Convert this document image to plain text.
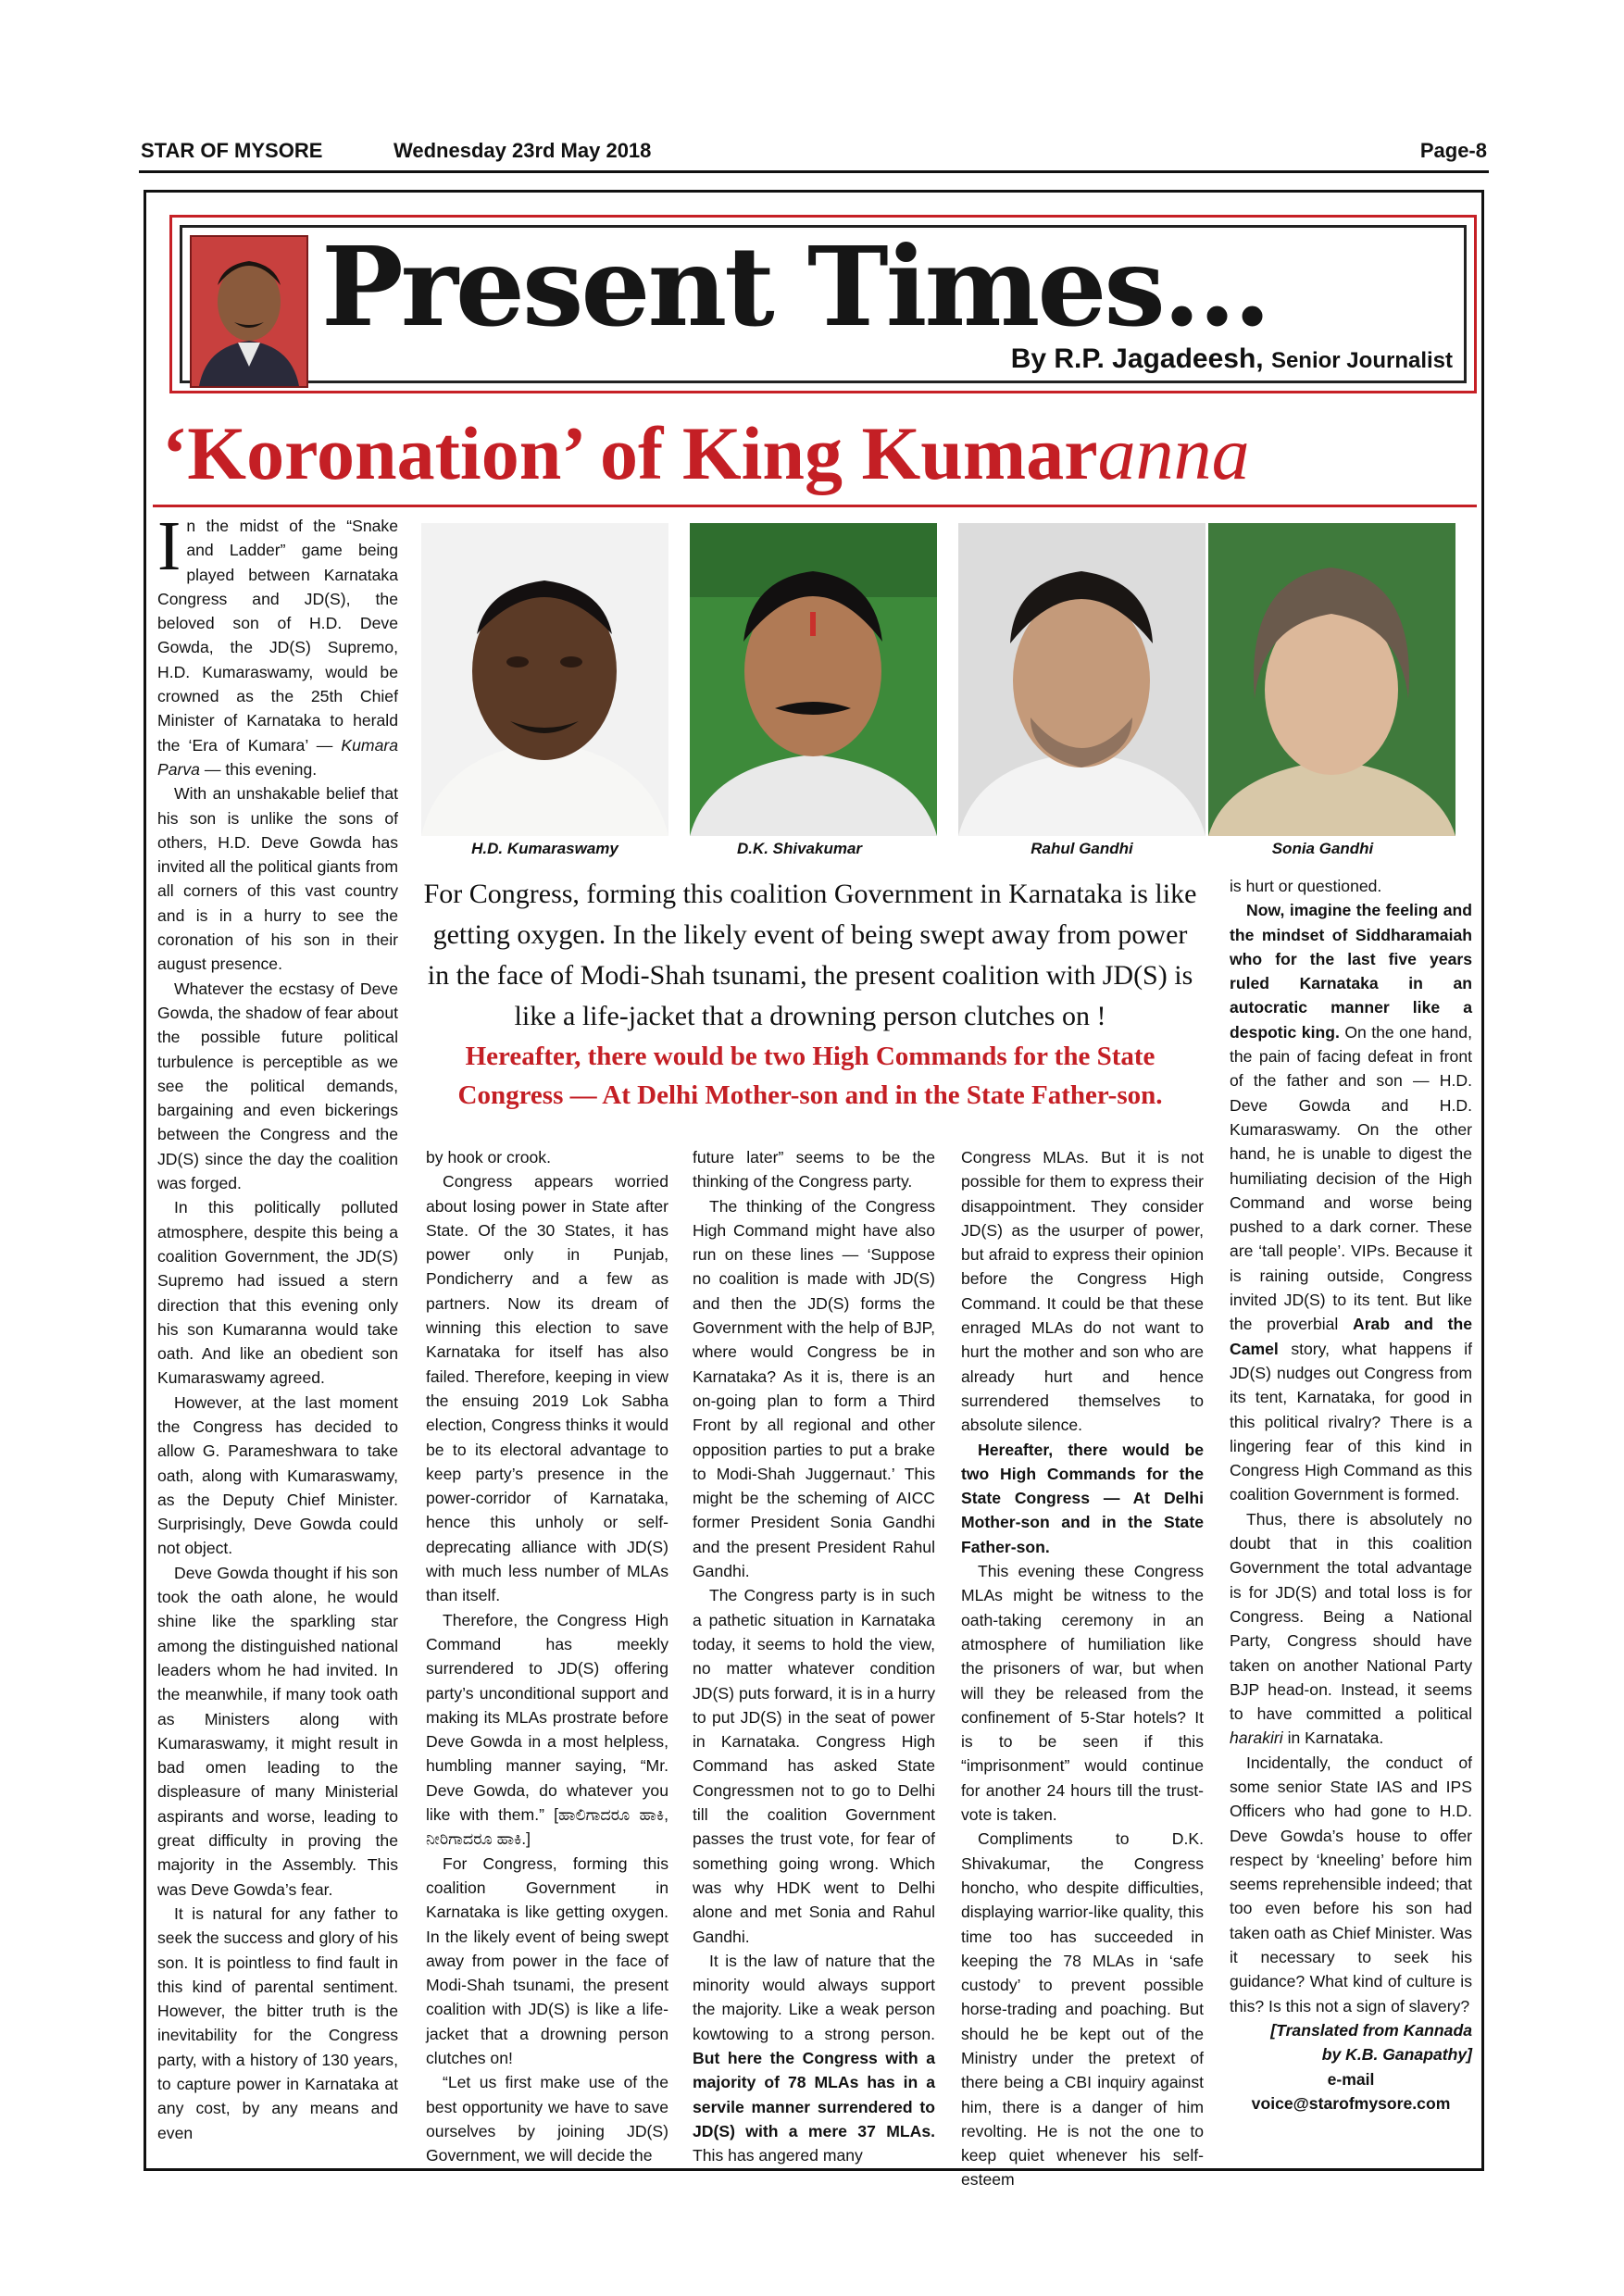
STAR OF MYSORE	Wednesday 23rd May 2018	Page-8
Present Times...
By R.P. Jagadeesh, Senior Journalist
‘Koronation’ of King Kumaranna
H.D. Kumaraswamy	D.K. Shivakumar	Rahul Gandhi	Sonia Gandhi
For Congress, forming this coalition Government in Karnataka is like getting oxygen. In the likely event of being swept away from power in the face of Modi-Shah tsunami, the present coalition with JD(S) is like a life-jacket that a drowning person clutches on !
Hereafter, there would be two High Commands for the State Congress — At Delhi Mother-son and in the State Father-son.

In the midst of the “Snake and Ladder” game being played between Karnataka Congress and JD(S), the beloved son of H.D. Deve Gowda, the JD(S) Supremo, H.D. Kumaraswamy, would be crowned as the 25th Chief Minister of Karnataka to herald the ‘Era of Kumara’ — Kumara Parva — this evening.

With an unshakable belief that his son is unlike the sons of others, H.D. Deve Gowda has invited all the political giants from all corners of this vast country and is in a hurry to see the coronation of his son in their august presence.

Whatever the ecstasy of Deve Gowda, the shadow of fear about the possible future political turbulence is perceptible as we see the political demands, bargaining and even bickerings between the Congress and the JD(S) since the day the coalition was forged.

In this politically polluted atmosphere, despite this being a coalition Government, the JD(S) Supremo had issued a stern direction that this evening only his son Kumaranna would take oath. And like an obedient son Kumaraswamy agreed.

However, at the last moment the Congress has decided to allow G. Parameshwara to take oath, along with Kumaraswamy, as the Deputy Chief Minister. Surprisingly, Deve Gowda could not object.

Deve Gowda thought if his son took the oath alone, he would shine like the sparkling star among the distinguished national leaders whom he had invited. In the meanwhile, if many took oath as Ministers along with Kumaraswamy, it might result in bad omen leading to the displeasure of many Ministerial aspirants and worse, leading to great difficulty in proving the majority in the Assembly. This was Deve Gowda’s fear.

It is natural for any father to seek the success and glory of his son. It is pointless to find fault in this kind of parental sentiment. However, the bitter truth is the inevitability for the Congress party, with a history of 130 years, to capture power in Karnataka at any cost, by any means and even

by hook or crook.

Congress appears worried about losing power in State after State. Of the 30 States, it has power only in Punjab, Pondicherry and a few as partners. Now its dream of winning this election to save Karnataka for itself has also failed. Therefore, keeping in view the ensuing 2019 Lok Sabha election, Congress thinks it would be to its electoral advantage to keep party’s presence in the power-corridor of Karnataka, hence this unholy or self-deprecating alliance with JD(S) with much less number of MLAs than itself.

Therefore, the Congress High Command has meekly surrendered to JD(S) offering party’s unconditional support and making its MLAs prostrate before Deve Gowda in a most helpless, humbling manner saying, “Mr. Deve Gowda, do whatever you like with them.” [ಹಾಲಿಗಾದರೂ ಹಾಕಿ, ನೀರಿಗಾದರೂ ಹಾಕಿ.]

For Congress, forming this coalition Government in Karnataka is like getting oxygen. In the likely event of being swept away from power in the face of Modi-Shah tsunami, the present coalition with JD(S) is like a life-jacket that a drowning person clutches on!

“Let us first make use of the best opportunity we have to save ourselves by joining JD(S) Government, we will decide the

future later” seems to be the thinking of the Congress party.

The thinking of the Congress High Command might have also run on these lines — ‘Suppose no coalition is made with JD(S) and then the JD(S) forms the Government with the help of BJP, where would Congress be in Karnataka? As it is, there is an on-going plan to form a Third Front by all regional and other opposition parties to put a brake to Modi-Shah Juggernaut.’ This might be the scheming of AICC former President Sonia Gandhi and the present President Rahul Gandhi.

The Congress party is in such a pathetic situation in Karnataka today, it seems to hold the view, no matter whatever condition JD(S) puts forward, it is in a hurry to put JD(S) in the seat of power in Karnataka. Congress High Command has asked State Congressmen not to go to Delhi till the coalition Government passes the trust vote, for fear of something going wrong. Which was why HDK went to Delhi alone and met Sonia and Rahul Gandhi.

It is the law of nature that the minority would always support the majority. Like a weak person kowtowing to a strong person. But here the Congress with a majority of 78 MLAs has in a servile manner surrendered to JD(S) with a mere 37 MLAs. This has angered many

Congress MLAs. But it is not possible for them to express their disappointment. They consider JD(S) as the usurper of power, but afraid to express their opinion before the Congress High Command. It could be that these enraged MLAs do not want to hurt the mother and son who are already hurt and hence surrendered themselves to absolute silence.

Hereafter, there would be two High Commands for the State Congress — At Delhi Mother-son and in the State Father-son.

This evening these Congress MLAs might be witness to the oath-taking ceremony in an atmosphere of humiliation like the prisoners of war, but when will they be released from the confinement of 5-Star hotels? It is to be seen if this “imprisonment” would continue for another 24 hours till the trust-vote is taken.

Compliments to D.K. Shivakumar, the Congress honcho, who despite difficulties, displaying warrior-like quality, this time too has succeeded in keeping the 78 MLAs in ‘safe custody’ to prevent possible horse-trading and poaching. But should he be kept out of the Ministry under the pretext of there being a CBI inquiry against him, there is a danger of him revolting. He is not the one to keep quiet whenever his self-esteem

is hurt or questioned.

Now, imagine the feeling and the mindset of Siddharamaiah who for the last five years ruled Karnataka in an autocratic manner like a despotic king. On the one hand, the pain of facing defeat in front of the father and son — H.D. Deve Gowda and H.D. Kumaraswamy. On the other hand, he is unable to digest the humiliating decision of the High Command and worse being pushed to a dark corner. These are ‘tall people’. VIPs. Because it is raining outside, Congress invited JD(S) to its tent. But like the proverbial Arab and the Camel story, what happens if JD(S) nudges out Congress from its tent, Karnataka, for good in this political rivalry? There is a lingering fear of this kind in Congress High Command as this coalition Government is formed.

Thus, there is absolutely no doubt that in this coalition Government the total advantage is for JD(S) and total loss is for Congress. Being a National Party, Congress should have taken on another National Party BJP head-on. Instead, it seems to have committed a political harakiri in Karnataka.

Incidentally, the conduct of some senior State IAS and IPS Officers who had gone to H.D. Deve Gowda’s house to offer respect by ‘kneeling’ before him seems reprehensible indeed; that too even before his son had taken oath as Chief Minister. Was it necessary to seek his guidance? What kind of culture is this? Is this not a sign of slavery?

[Translated from Kannada
by K.B. Ganapathy]
e-mail
voice@starofmysore.com
